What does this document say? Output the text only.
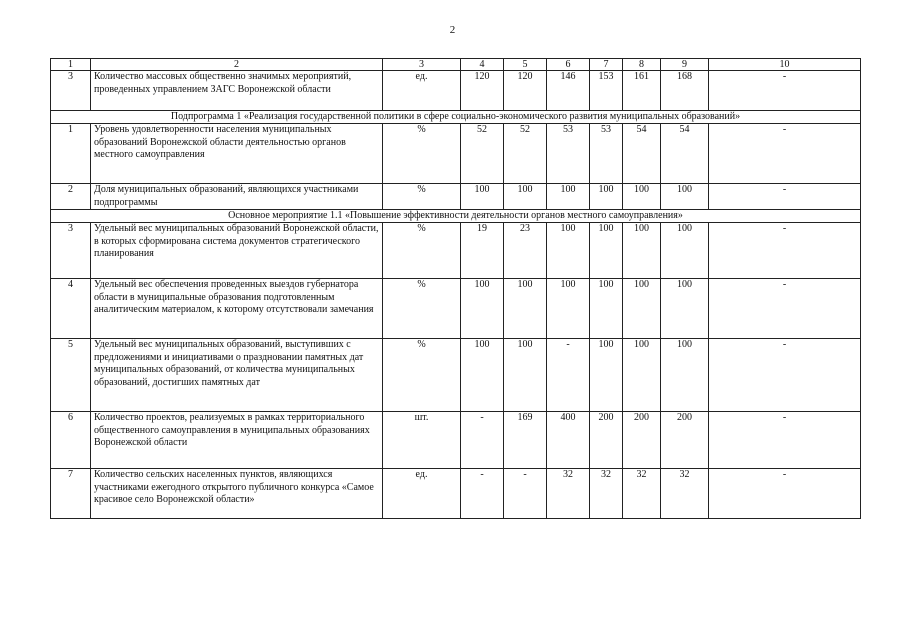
2
1	2	3	4	5	6	7	8	9	10
3	Количество массовых общественно значимых мероприятий, проведенных управлением ЗАГС Воронежской области	ед.	120	120	146	153	161	168	-
Подпрограмма 1 «Реализация государственной политики в сфере социально-экономического развития муниципальных образований»									
1	Уровень удовлетворенности населения муниципальных образований Воронежской области деятельностью органов местного самоуправления	%	52	52	53	53	54	54	-
2	Доля муниципальных образований, являющихся участниками подпрограммы	%	100	100	100	100	100	100	-
Основное мероприятие 1.1 «Повышение эффективности деятельности органов местного самоуправления»									
3	Удельный вес муниципальных образований Воронежской области, в которых сформирована система документов стратегического планирования	%	19	23	100	100	100	100	-
4	Удельный вес обеспечения проведенных выездов губернатора области в муниципальные образования подготовленным аналитическим материалом, к которому отсутствовали замечания	%	100	100	100	100	100	100	-
5	Удельный вес муниципальных образований, выступивших с предложениями и инициативами о праздновании памятных дат муниципальных образований, от количества муниципальных образований, достигших памятных дат	%	100	100	-	100	100	100	-
6	Количество проектов, реализуемых в рамках территориального общественного самоуправления в муниципальных образованиях Воронежской области	шт.	-	169	400	200	200	200	-
7	Количество сельских населенных пунктов, являющихся участниками ежегодного открытого публичного конкурса «Самое красивое село Воронежской области»	ед.	-	-	32	32	32	32	-
